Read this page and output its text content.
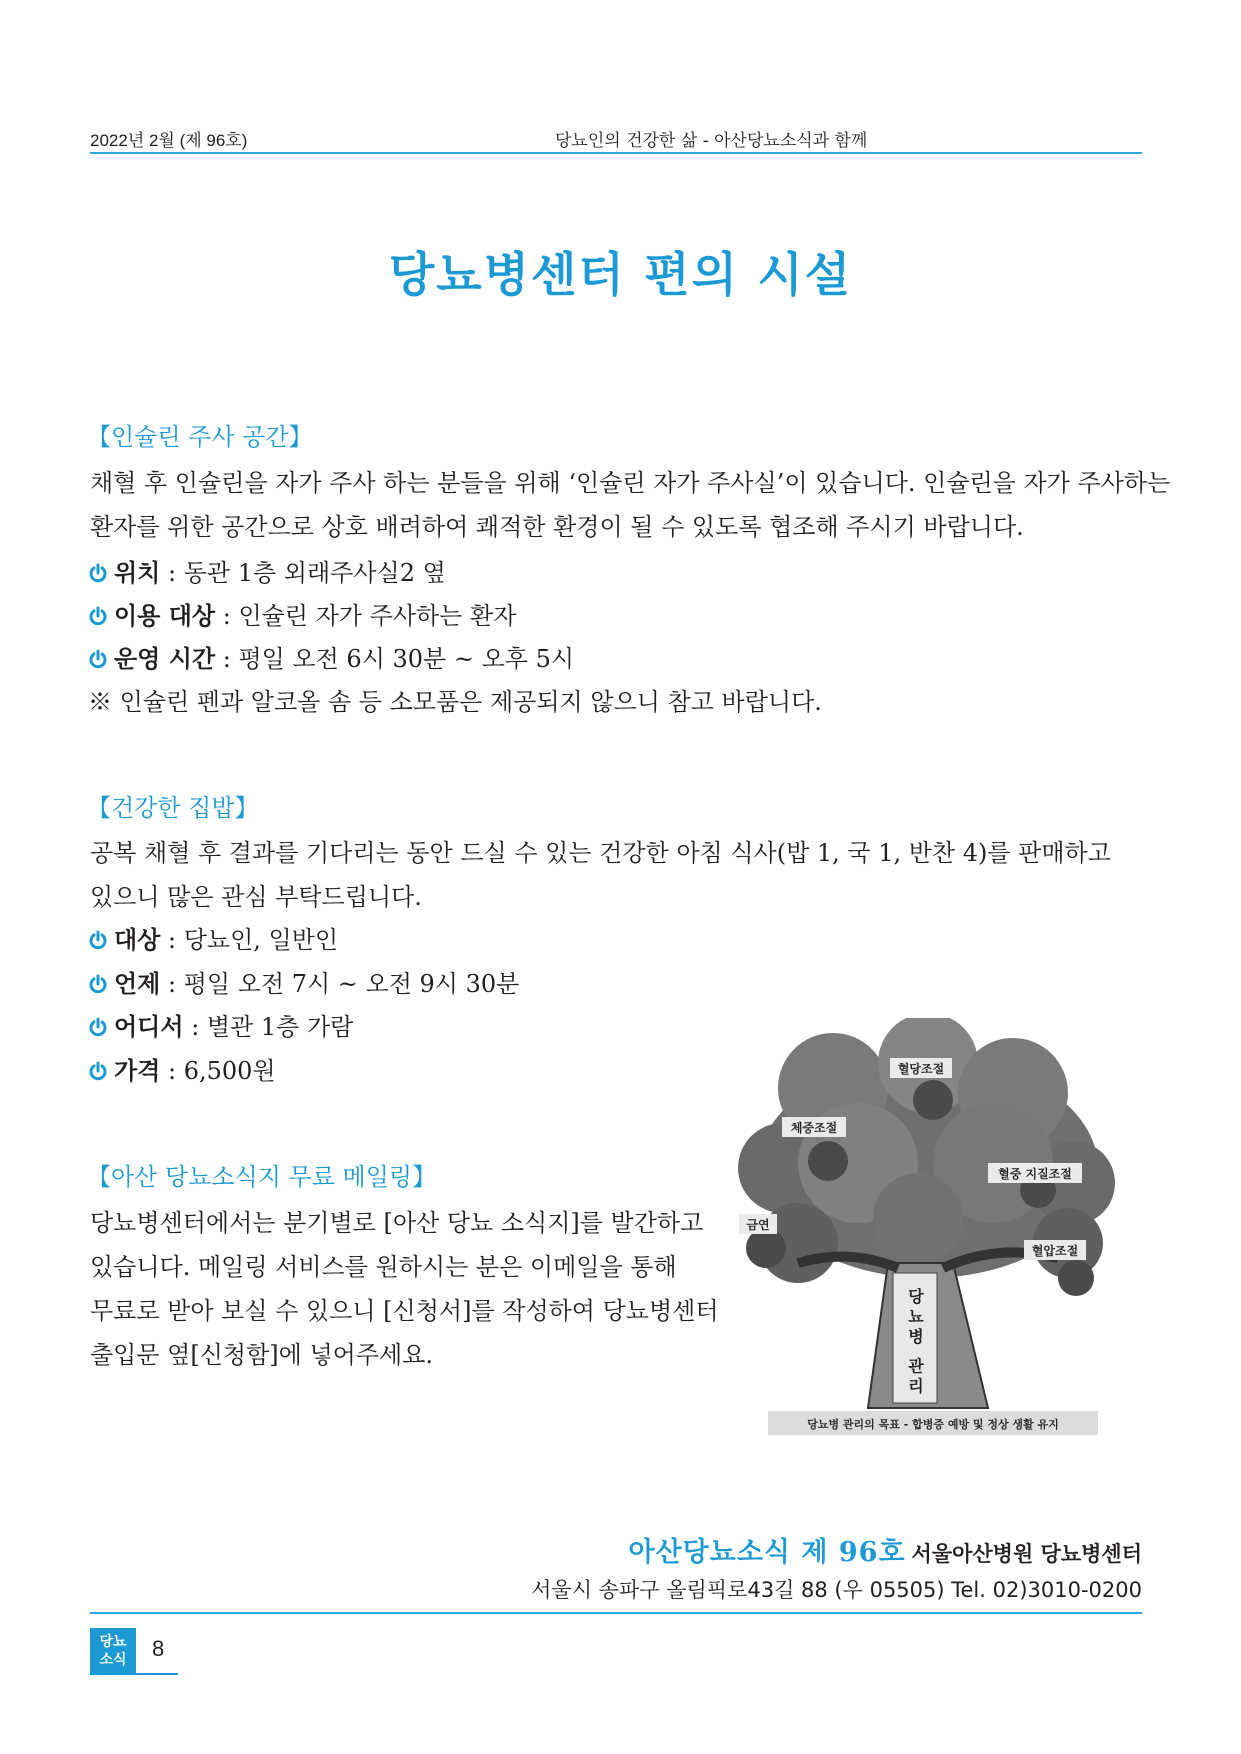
2022년 2월 (제 96호)	당뇨인의 건강한 삶 - 아산당뇨소식과 함께
당뇨병센터 편의 시설
【인슐린 주사 공간】
채혈 후 인슐린을 자가 주사 하는 분들을 위해 ‘인슐린 자가 주사실’이 있습니다. 인슐린을 자가 주사하는
환자를 위한 공간으로 상호 배려하여 쾌적한 환경이 될 수 있도록 협조해 주시기 바랍니다.
위치 : 동관 1층 외래주사실2 옆
이용 대상 : 인슐린 자가 주사하는 환자
운영 시간 : 평일 오전 6시 30분 ~ 오후 5시
※ 인슐린 펜과 알코올 솜 등 소모품은 제공되지 않으니 참고 바랍니다.
【건강한 집밥】
공복 채혈 후 결과를 기다리는 동안 드실 수 있는 건강한 아침 식사(밥 1, 국 1, 반찬 4)를 판매하고
있으니 많은 관심 부탁드립니다.
대상 : 당뇨인, 일반인
언제 : 평일 오전 7시 ~ 오전 9시 30분
어디서 : 별관 1층 가람
가격 : 6,500원
【아산 당뇨소식지 무료 메일링】
당뇨병센터에서는 분기별로 [아산 당뇨 소식지]를 발간하고
있습니다. 메일링 서비스를 원하시는 분은 이메일을 통해
무료로 받아 보실 수 있으니 [신청서]를 작성하여 당뇨병센터
출입문 옆[신청함]에 넣어주세요.
혈당조절
체중조절
혈중 지질조절
금연
혈압조절
당뇨병 관리
당뇨병 관리의 목표 - 합병증 예방 및 정상 생활 유지
아산당뇨소식 제 96호 서울아산병원 당뇨병센터
서울시 송파구 올림픽로43길 88 (우 05505) Tel. 02)3010-0200
당뇨
소식	8
